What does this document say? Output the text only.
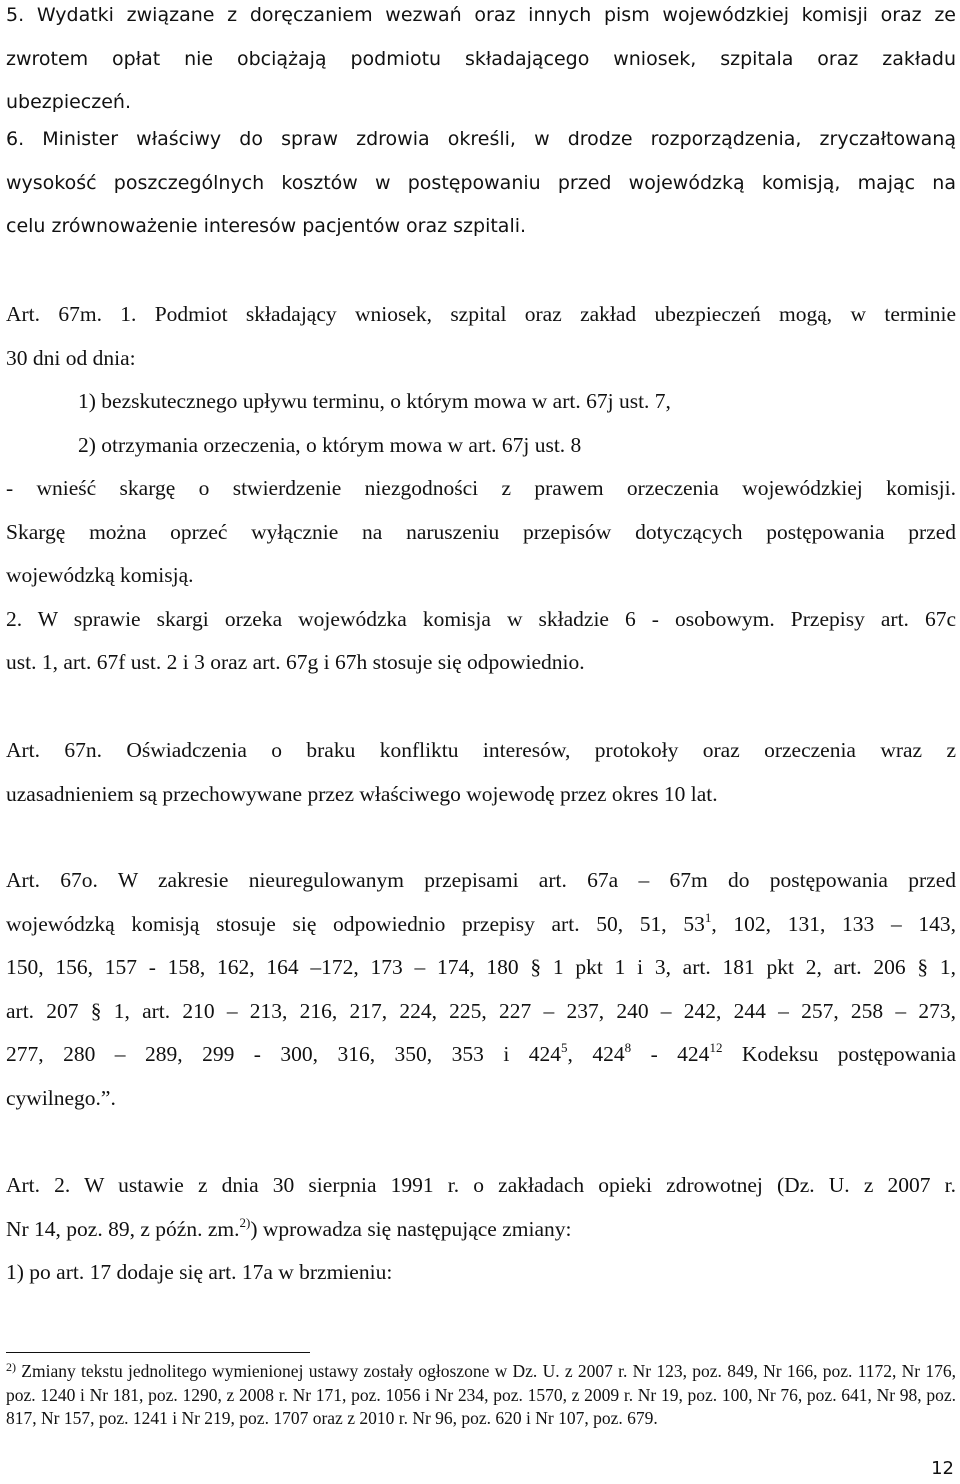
5. Wydatki związane z doręczaniem wezwań oraz innych pism wojewódzkiej komisji oraz ze

zwrotem opłat nie obciążają podmiotu składającego wniosek, szpitala oraz zakładu

ubezpieczeń.

6. Minister właściwy do spraw zdrowia określi, w drodze rozporządzenia, zryczałtowaną

wysokość poszczególnych kosztów w postępowaniu przed wojewódzką komisją, mając na

celu zrównoważenie interesów pacjentów oraz szpitali.

Art. 67m. 1. Podmiot składający wniosek, szpital oraz zakład ubezpieczeń mogą, w terminie

30 dni od dnia:

1) bezskutecznego upływu terminu, o którym mowa w art. 67j ust. 7,

2) otrzymania orzeczenia, o którym mowa w art. 67j ust. 8

- wnieść skargę o stwierdzenie niezgodności z prawem orzeczenia wojewódzkiej komisji.

Skargę można oprzeć wyłącznie na naruszeniu przepisów dotyczących postępowania przed

wojewódzką komisją.

2. W sprawie skargi orzeka wojewódzka komisja w składzie 6 - osobowym. Przepisy art. 67c

ust. 1, art. 67f ust. 2 i 3 oraz art. 67g i 67h stosuje się odpowiednio.

Art. 67n. Oświadczenia o braku konfliktu interesów, protokoły oraz orzeczenia wraz z

uzasadnieniem są przechowywane przez właściwego wojewodę przez okres 10 lat.

Art. 67o. W zakresie nieuregulowanym przepisami art. 67a – 67m do postępowania przed

wojewódzką komisją stosuje się odpowiednio przepisy art. 50, 51, $53^1$, 102, 131, 133 – 143,

150, 156, 157 - 158, 162, 164 –172, 173 – 174, 180 § 1 pkt 1 i 3, art. 181 pkt 2, art. 206 § 1,

art. 207 § 1, art. 210 – 213, 216, 217, 224, 225, 227 – 237, 240 – 242, 244 – 257, 258 – 273,

277, 280 – 289, 299 - 300, 316, 350, 353 i $424^5$, $424^8 - 424^{12}$ Kodeksu postępowania

cywilnego.”.

Art. 2. W ustawie z dnia 30 sierpnia 1991 r. o zakładach opieki zdrowotnej (Dz. U. z 2007 r.

Nr 14, poz. 89, z późn. zm.$^{2)}$) wprowadza się następujące zmiany:

1) po art. 17 dodaje się art. 17a w brzmieniu:

$^{2)}$ Zmiany tekstu jednolitego wymienionej ustawy zostały ogłoszone w Dz. U. z 2007 r. Nr 123, poz. 849, Nr 166, poz. 1172, Nr 176, poz. 1240 i Nr 181, poz. 1290, z 2008 r. Nr 171, poz. 1056 i Nr 234, poz. 1570, z 2009 r. Nr 19, poz. 100, Nr 76, poz. 641, Nr 98, poz. 817, Nr 157, poz. 1241 i Nr 219, poz. 1707 oraz z 2010 r. Nr 96, poz. 620 i Nr 107, poz. 679.
12
